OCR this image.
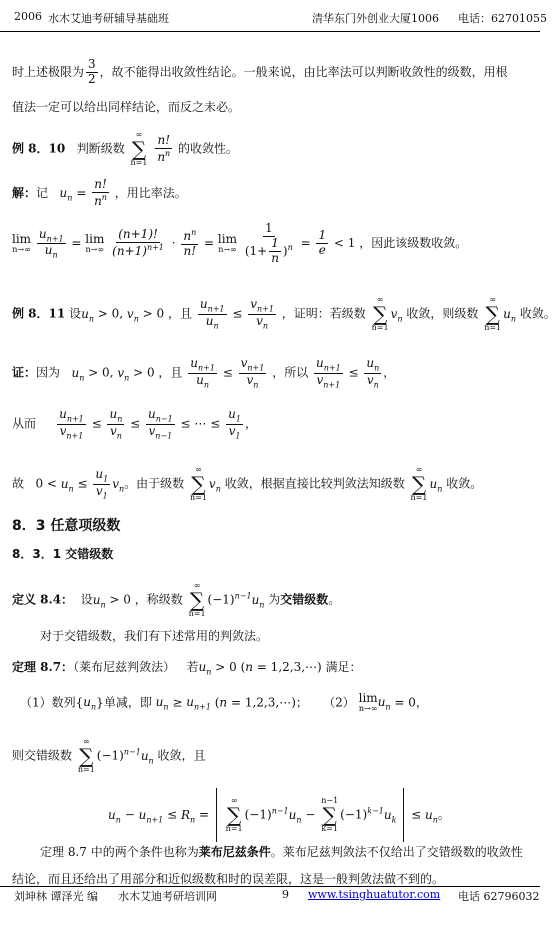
2006 水木艾迪考研辅导基础班	清华东门外创业大厦1006 电话：62701055
时上述极限为 $\frac{3}{2}$ ，故不能得出收敛性结论。一般来说，由比率法可以判断收敛性的级数，用根
值法一定可以给出同样结论，而反之未必。
例 8．10 判断级数
∞
∑
n=1
$\frac{n!}{n^n}$ 的收敛性。
解：记 $u_n = \frac{n!}{n^n}$ ，用比率法。
lim
n→∞
$\frac{u_{n+1}}{u_n} = \lim$
n→∞
$\frac{(n+1)!}{(n+1)^{n+1}} \cdot \frac{n^n}{n!} = \lim$
n→∞
$\frac{1}{(1+ \frac{1}{n} )^n} = \frac{1}{e} < 1$ ，因此该级数收敛。
例 8．11 设$u_n > 0$, $v_n > 0$ ，且 $\frac{u_{n+1}}{u_n} \le \frac{v_{n+1}}{v_n}$ ，证明：若级数
∞
∑
n=1
$v_n$ 收敛，则级数
∞
∑
n=1
$u_n$ 收敛。
证：因为 $u_n > 0$, $v_n > 0$ ，且 $\frac{u_{n+1}}{u_n} \le \frac{v_{n+1}}{v_n}$ ，所以 $\frac{u_{n+1}}{v_{n+1}} \le \frac{u_n}{v_n}$ ，
从而 $\frac{u_{n+1}}{v_{n+1}} \le \frac{u_n}{v_n} \le \frac{u_{n-1}}{v_{n-1}}$ ≤ ⋯ ≤ $\frac{u_1}{v_1}$ ，
故   $0 < u_n \le \frac{u_1}{v_1} v_n$。由于级数
∞
∑
n=1
$v_n$ 收敛，根据直接比较判敛法知级数
∞
∑
n=1
$u_n$ 收敛。
8．3 任意项级数
8．3．1 交错级数
定义 8.4： 设$u_n > 0$ ，称级数
∞
∑
n=1
$(-1)^{n-1}u_n$ 为交错级数。
对于交错级数，我们有下述常用的判敛法。
定理 8.7：（莱布尼兹判敛法） 若$u_n > 0$ (n = 1,2,3,⋯) 满足：
（1）数列$\{u_n\}$单减，即 $u_n \ge u_{n+1}$ (n = 1,2,3,⋯)； （2） lim
n→∞ $u_n = 0$，
则交错级数
∞
∑
n=1
$(-1)^{n-1}u_n$ 收敛，且
$u_n - u_{n+1} \le R_n$ =
∞
∑
n=1
$(-1)^{n-1}u_n$ −
n−1
∑
k=1
$(-1)^{k-1}u_k \le u_n$。
定理 8.7 中的两个条件也称为莱布尼兹条件。莱布尼兹判敛法不仅给出了交错级数的收敛性
结论，而且还给出了用部分和近似级数和时的误差限，这是一般判敛法做不到的。
刘坤林 谭泽光 编 水木艾迪考研培训网	9 www.tsinghuatutor.com 电话 62796032
